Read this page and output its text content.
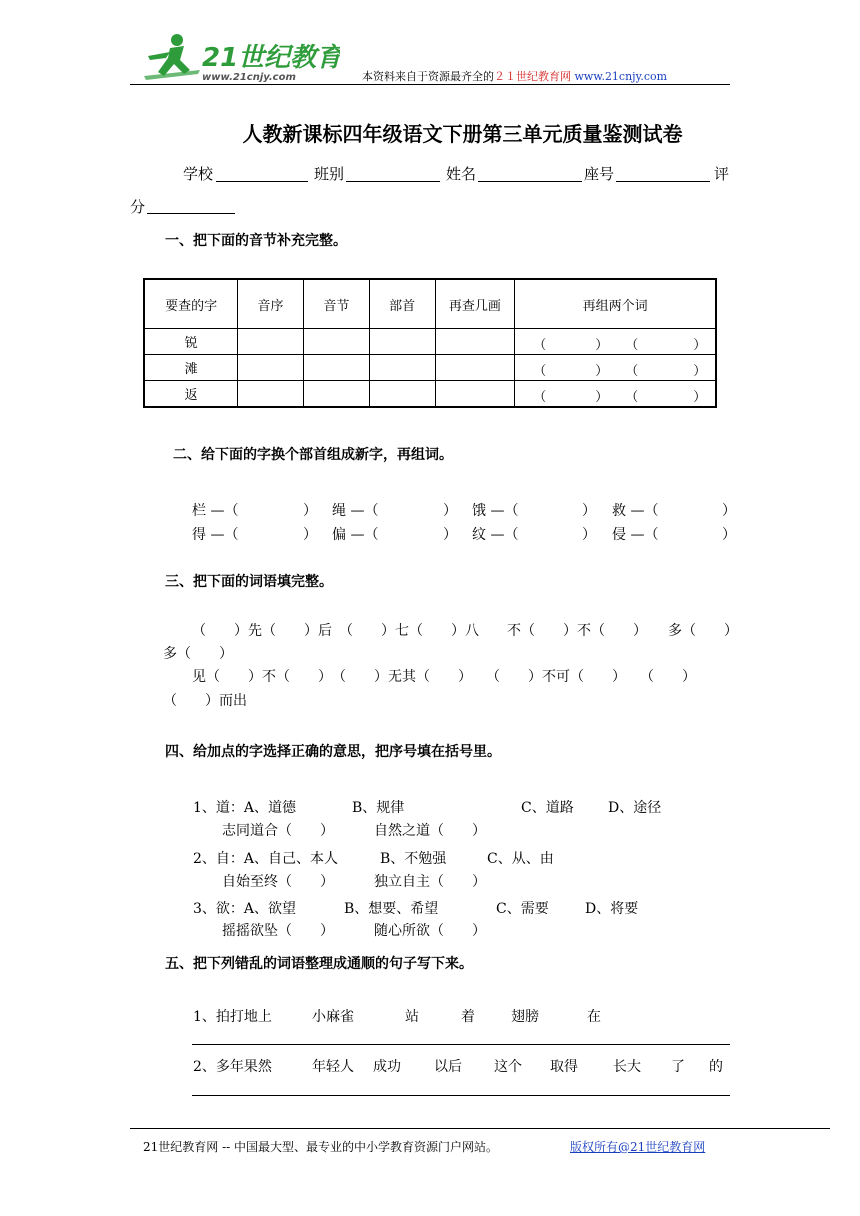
21世纪教育
www.21cnjy.com	本资料来自于资源最齐全的２１世纪教育网 www.21cnjy.com
人教新课标四年级语文下册第三单元质量鉴测试卷
学校	班别	姓名	座号	评
分
一、把下面的音节补充完整。
要查的字	音序	音节	部首	再查几画	再组两个词
锐					（ ） （ ）

滩					（ ） （ ）

返					（ ） （ ）
二、给下面的字换个部首组成新字，再组词。
栏 —（	） 绳 —（	） 饿 —（	） 救 —（	）
得 —（	） 偏 —（	） 纹 —（	） 侵 —（	）
三、把下面的词语填完整。
（　　）先（　　）后　（　　）七（　　）八　　不（　　）不（　　）　　多（　　）
多（　　）
见（　　）不（　　）　（　　）无其（　　）　　（　　）不可（　　）　　（　　）
（　　）而出
四、给加点的字选择正确的意思，把序号填在括号里。
1、道：A、道德	B、规律	C、道路 D、途径
志同道合（　　）	自然之道（　　）
2、自：A、自己、本人	B、不勉强	C、从、由
自始至终（　　）	独立自主（　　）
3、欲：A、欲望	B、想要、希望	C、需要	D、将要
摇摇欲坠（　　）	随心所欲（　　）
五、把下列错乱的词语整理成通顺的句子写下来。
1、拍打地上	小麻雀	站	着	翅膀	在
2、多年果然	年轻人 成功 以后 这个 取得	长大 了 的
21世纪教育网 -- 中国最大型、最专业的中小学教育资源门户网站。	版权所有@21世纪教育网
